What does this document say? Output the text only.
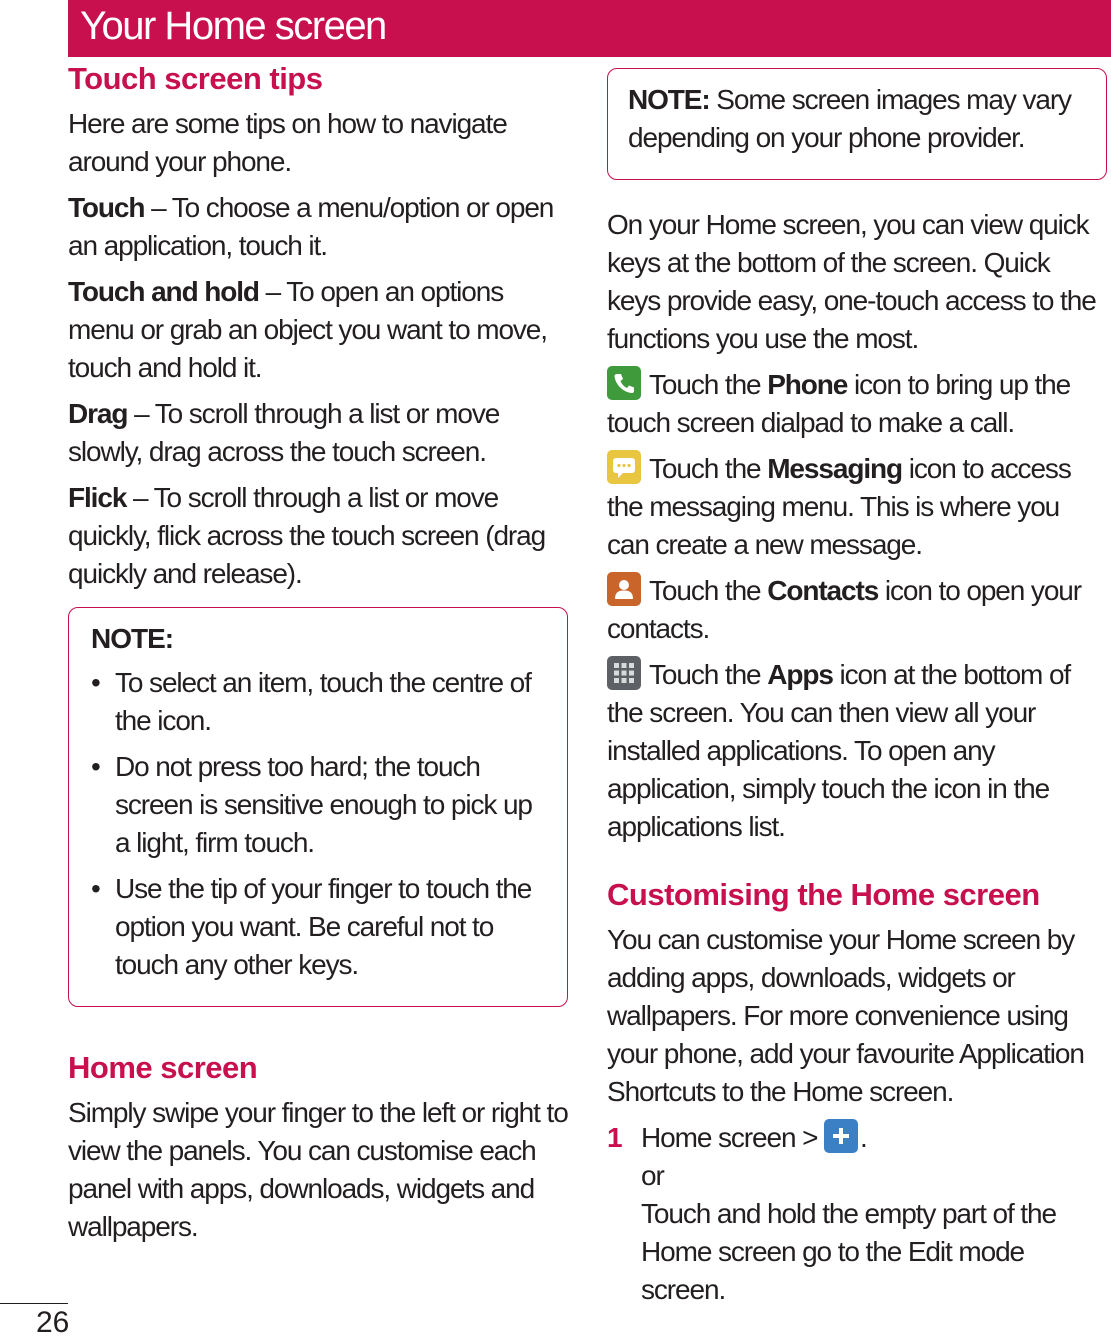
Your Home screen
Touch screen tips

Here are some tips on how to navigate around your phone.

Touch – To choose a menu/option or open an application, touch it.

Touch and hold – To open an options menu or grab an object you want to move, touch and hold it.

Drag – To scroll through a list or move slowly, drag across the touch screen.

Flick – To scroll through a list or move quickly, flick across the touch screen (drag quickly and release).

NOTE:
• To select an item, touch the centre of the icon.
• Do not press too hard; the touch screen is sensitive enough to pick up a light, firm touch.
• Use the tip of your finger to touch the option you want. Be careful not to touch any other keys.
Home screen

Simply swipe your finger to the left or right to view the panels. You can customise each panel with apps, downloads, widgets and wallpapers.

NOTE: Some screen images may vary depending on your phone provider.

On your Home screen, you can view quick keys at the bottom of the screen. Quick keys provide easy, one-touch access to the functions you use the most.

Touch the Phone icon to bring up the touch screen dialpad to make a call.

Touch the Messaging icon to access the messaging menu. This is where you can create a new message.

Touch the Contacts icon to open your contacts.

Touch the Apps icon at the bottom of the screen. You can then view all your installed applications. To open any application, simply touch the icon in the applications list.

Customising the Home screen

You can customise your Home screen by adding apps, downloads, widgets or wallpapers. For more convenience using your phone, add your favourite Application Shortcuts to the Home screen.

1 Home screen >
.
or
Touch and hold the empty part of the Home screen go to the Edit mode screen.
26
